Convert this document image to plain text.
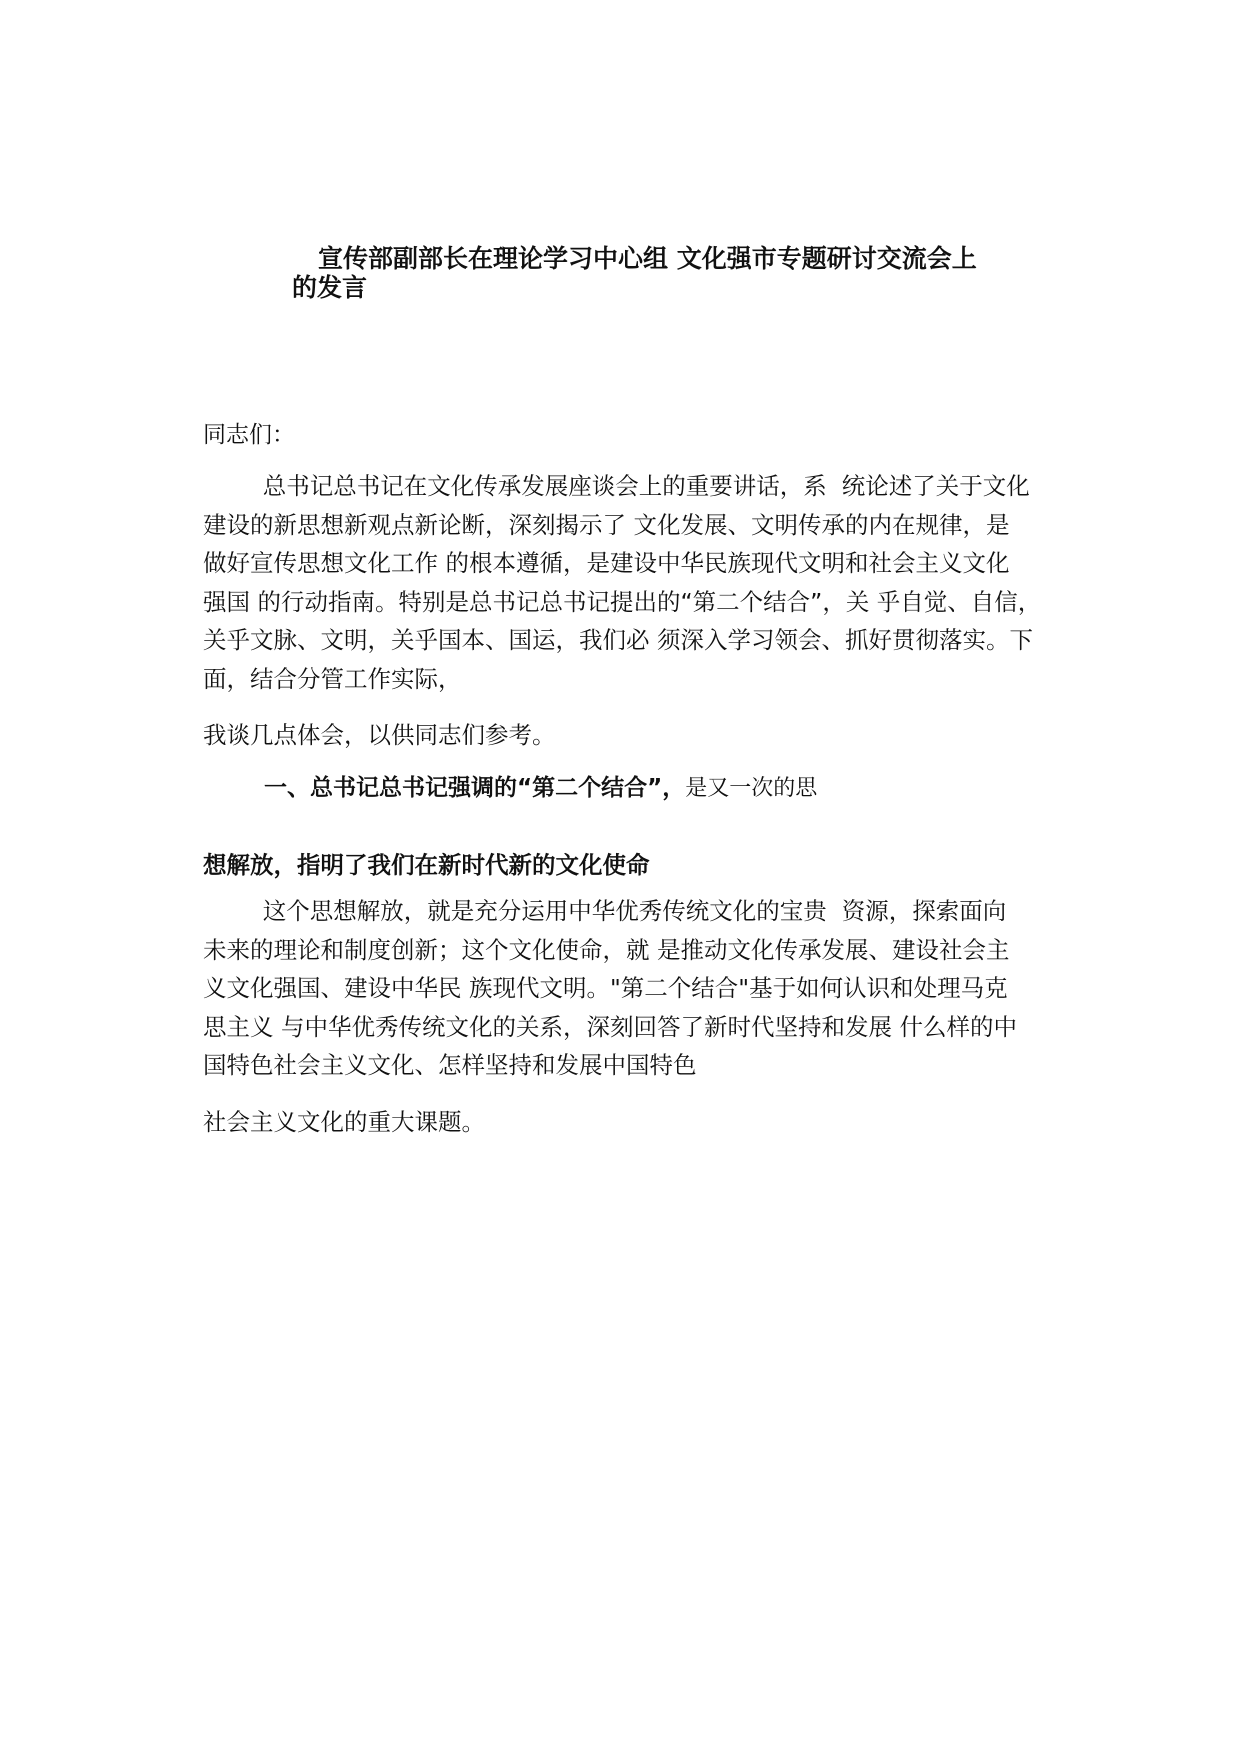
宣传部副部长在理论学习中心组 文化强市专题研讨交流会上
的发言
同志们：
总书记总书记在文化传承发展座谈会上的重要讲话，系  统论述了关于文化
建设的新思想新观点新论断，深刻揭示了 文化发展、文明传承的内在规律，是
做好宣传思想文化工作 的根本遵循，是建设中华民族现代文明和社会主义文化
强国 的行动指南。特别是总书记总书记提出的“第二个结合”，关 乎自觉、自信，
关乎文脉、文明，关乎国本、国运，我们必 须深入学习领会、抓好贯彻落实。下
面，结合分管工作实际，
我谈几点体会，以供同志们参考。
一、总书记总书记强调的“第二个结合”，是又一次的思
想解放，指明了我们在新时代新的文化使命
这个思想解放，就是充分运用中华优秀传统文化的宝贵  资源，探索面向
未来的理论和制度创新；这个文化使命，就 是推动文化传承发展、建设社会主
义文化强国、建设中华民 族现代文明。"第二个结合"基于如何认识和处理马克
思主义 与中华优秀传统文化的关系，深刻回答了新时代坚持和发展 什么样的中
国特色社会主义文化、怎样坚持和发展中国特色
社会主义文化的重大课题。
